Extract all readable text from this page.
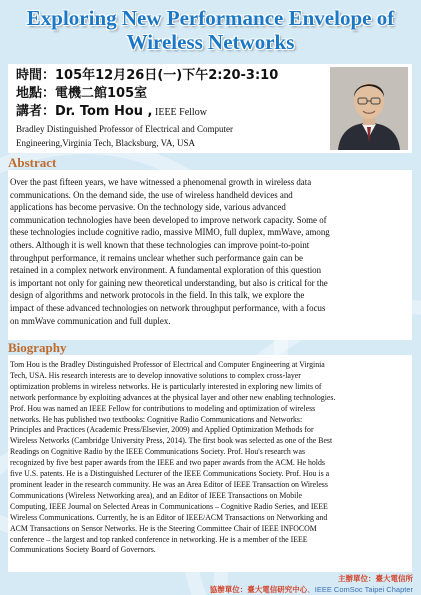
Exploring New Performance Envelope of
Wireless Networks
時間：105年12月26日(一)下午2:20-3:10
地點：電機二館105室
講者：Dr. Tom Hou , IEEE Fellow
Bradley Distinguished Professor of Electrical and Computer
Engineering,Virginia Tech, Blacksburg, VA, USA
Abstract
Over the past fifteen years, we have witnessed a phenomenal growth in wireless data
communications. On the demand side, the use of wireless handheld devices and
applications has become pervasive. On the technology side, various advanced
communication technologies have been developed to improve network capacity. Some of
these technologies include cognitive radio, massive MIMO, full duplex, mmWave, among
others. Although it is well known that these technologies can improve point-to-point
throughput performance, it remains unclear whether such performance gain can be
retained in a complex network environment. A fundamental exploration of this question
is important not only for gaining new theoretical understanding, but also is critical for the
design of algorithms and network protocols in the field. In this talk, we explore the
impact of these advanced technologies on network throughput performance, with a focus
on mmWave communication and full duplex.
Biography
Tom Hou is the Bradley Distinguished Professor of Electrical and Computer Engineering at Virginia
Tech, USA. His research interests are to develop innovative solutions to complex cross-layer
optimization problems in wireless networks. He is particularly interested in exploring new limits of
network performance by exploiting advances at the physical layer and other new enabling technologies.
Prof. Hou was named an IEEE Fellow for contributions to modeling and optimization of wireless
networks. He has published two textbooks: Cognitive Radio Communications and Networks:
Principles and Practices (Academic Press/Elsevier, 2009) and Applied Optimization Methods for
Wireless Networks (Cambridge University Press, 2014). The first book was selected as one of the Best
Readings on Cognitive Radio by the IEEE Communications Society. Prof. Hou's research was
recognized by five best paper awards from the IEEE and two paper awards from the ACM. He holds
five U.S. patents. He is a Distinguished Lecturer of the IEEE Communications Society. Prof. Hou is a
prominent leader in the research community. He was an Area Editor of IEEE Transaction on Wireless
Communications (Wireless Networking area), and an Editor of IEEE Transactions on Mobile
Computing, IEEE Journal on Selected Areas in Communications – Cognitive Radio Series, and IEEE
Wireless Communications. Currently, he is an Editor of IEEE/ACM Transactions on Networking and
ACM Transactions on Sensor Networks. He is the Steering Committee Chair of IEEE INFOCOM
conference – the largest and top ranked conference in networking. He is a member of the IEEE
Communications Society Board of Governors.
主辦單位：臺大電信所
協辦單位：臺大電信研究中心、IEEE ComSoc Taipei Chapter
